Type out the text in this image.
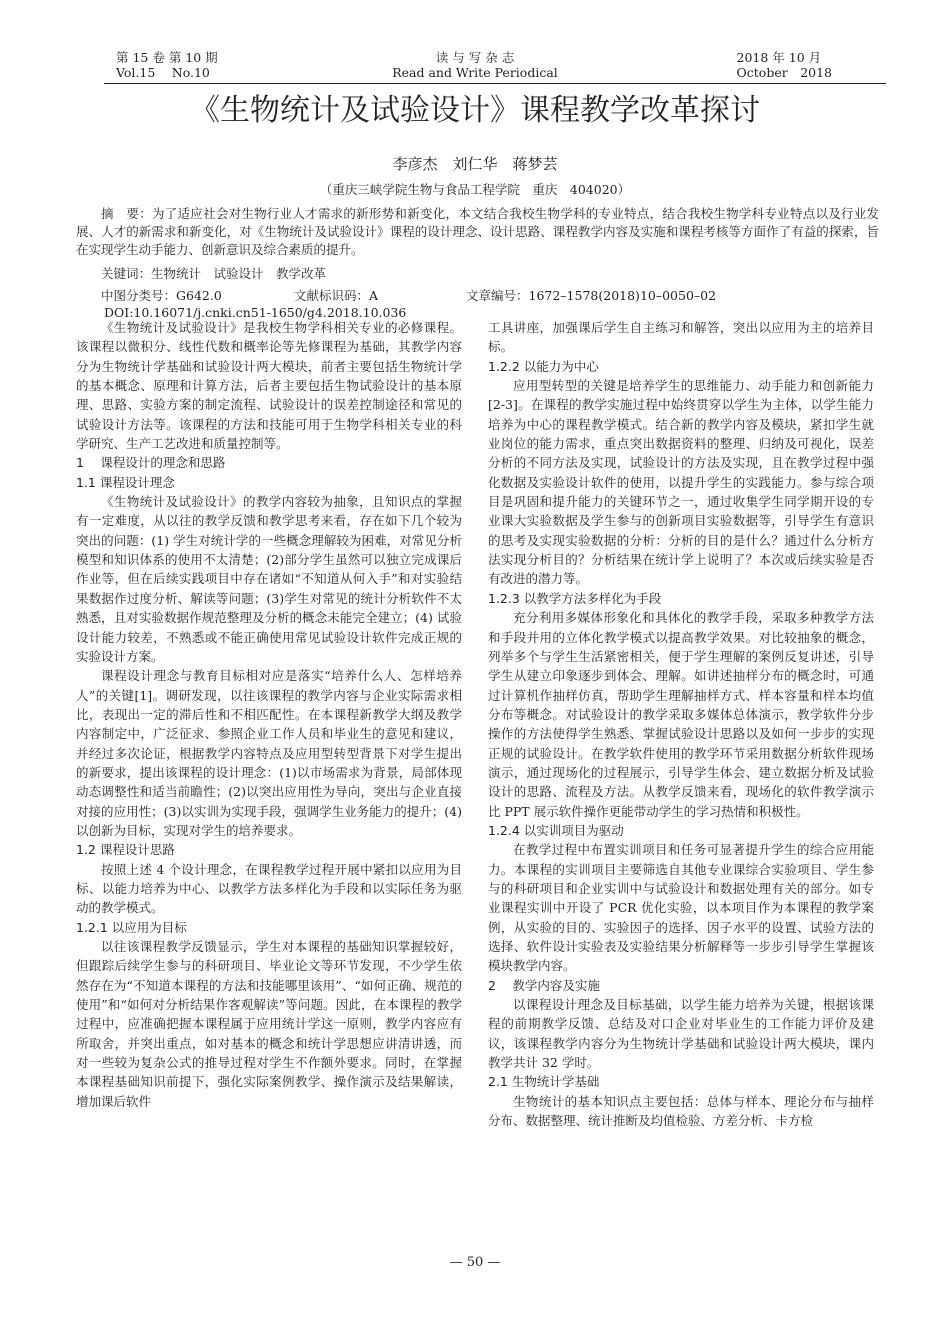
第 15 卷 第 10 期
Vol.15　 No.10
读 与 写 杂 志
Read and Write Periodical
2018 年 10 月
October　2018
《生物统计及试验设计》课程教学改革探讨
李彦杰　刘仁华　蒋梦芸
（重庆三峡学院生物与食品工程学院　重庆　404020）

摘　要：为了适应社会对生物行业人才需求的新形势和新变化，本文结合我校生物学科的专业特点，结合我校生物学科专业特点以及行业发展、人才的新需求和新变化，对《生物统计及试验设计》课程的设计理念、设计思路、课程教学内容及实施和课程考核等方面作了有益的探索，旨在实现学生动手能力、创新意识及综合素质的提升。

关键词：生物统计　试验设计　教学改革
中图分类号：G642.0	文献标识码：A	文章编号：1672–1578(2018)10–0050–02
DOI:10.16071/j.cnki.cn51-1650/g4.2018.10.036

《生物统计及试验设计》是我校生物学科相关专业的必修课程。该课程以微积分、线性代数和概率论等先修课程为基础，其教学内容分为生物统计学基础和试验设计两大模块，前者主要包括生物统计学的基本概念、原理和计算方法，后者主要包括生物试验设计的基本原理、思路、实验方案的制定流程、试验设计的误差控制途径和常见的试验设计方法等。该课程的方法和技能可用于生物学科相关专业的科学研究、生产工艺改进和质量控制等。

1　 课程设计的理念和思路
1.1 课程设计理念

《生物统计及试验设计》的教学内容较为抽象，且知识点的掌握有一定难度，从以往的教学反馈和教学思考来看，存在如下几个较为突出的问题：(1) 学生对统计学的一些概念理解较为困难，对常见分析模型和知识体系的使用不太清楚；(2)部分学生虽然可以独立完成课后作业等，但在后续实践项目中存在诸如“不知道从何入手”和对实验结果数据作过度分析、解读等问题；(3)学生对常见的统计分析软件不太熟悉，且对实验数据作规范整理及分析的概念未能完全建立；(4) 试验设计能力较差，不熟悉或不能正确使用常见试验设计软件完成正规的实验设计方案。

课程设计理念与教育目标相对应是落实“培养什么人、怎样培养人”的关键[1]。调研发现，以往该课程的教学内容与企业实际需求相比，表现出一定的滞后性和不相匹配性。在本课程新教学大纲及教学内容制定中，广泛征求、参照企业工作人员和毕业生的意见和建议，并经过多次论证，根据教学内容特点及应用型转型背景下对学生提出的新要求，提出该课程的设计理念：(1)以市场需求为背景，局部体现动态调整性和适当前瞻性；(2)以突出应用性为导向，突出与企业直接对接的应用性；(3)以实训为实现手段，强调学生业务能力的提升；(4)以创新为目标，实现对学生的培养要求。

1.2 课程设计思路

按照上述 4 个设计理念，在课程教学过程开展中紧扣以应用为目标、以能力培养为中心、以教学方法多样化为手段和以实际任务为驱动的教学模式。

1.2.1 以应用为目标

以往该课程教学反馈显示，学生对本课程的基础知识掌握较好，但跟踪后续学生参与的科研项目、毕业论文等环节发现，不少学生依然存在为“不知道本课程的方法和技能哪里该用”、“如何正确、规范的使用”和“如何对分析结果作客观解读”等问题。因此，在本课程的教学过程中，应准确把握本课程属于应用统计学这一原则，教学内容应有所取舍，并突出重点，如对基本的概念和统计学思想应讲清讲透，而对一些较为复杂公式的推导过程对学生不作额外要求。同时，在掌握本课程基础知识前提下，强化实际案例教学、操作演示及结果解读，增加课后软件

工具讲座，加强课后学生自主练习和解答，突出以应用为主的培养目标。

1.2.2 以能力为中心

应用型转型的关键是培养学生的思维能力、动手能力和创新能力[2-3]。在课程的教学实施过程中始终贯穿以学生为主体，以学生能力培养为中心的课程教学模式。结合新的教学内容及模块，紧扣学生就业岗位的能力需求，重点突出数据资料的整理、归纳及可视化，误差分析的不同方法及实现，试验设计的方法及实现，且在教学过程中强化数据及实验设计软件的使用，以提升学生的实践能力。参与综合项目是巩固和提升能力的关键环节之一，通过收集学生同学期开设的专业课大实验数据及学生参与的创新项目实验数据等，引导学生有意识的思考及实现实验数据的分析：分析的目的是什么？通过什么分析方法实现分析目的？分析结果在统计学上说明了？本次或后续实验是否有改进的潜力等。

1.2.3 以教学方法多样化为手段

充分利用多媒体形象化和具体化的教学手段，采取多种教学方法和手段并用的立体化教学模式以提高教学效果。对比较抽象的概念，列举多个与学生生活紧密相关，便于学生理解的案例反复讲述，引导学生从建立印象逐步到体会、理解。如讲述抽样分布的概念时，可通过计算机作抽样仿真，帮助学生理解抽样方式、样本容量和样本均值分布等概念。对试验设计的教学采取多媒体总体演示，教学软件分步操作的方法使得学生熟悉、掌握试验设计思路以及如何一步步的实现正规的试验设计。在教学软件使用的教学环节采用数据分析软件现场演示，通过现场化的过程展示，引导学生体会、建立数据分析及试验设计的思路、流程及方法。从教学反馈来看，现场化的软件教学演示比 PPT 展示软件操作更能带动学生的学习热情和积极性。

1.2.4 以实训项目为驱动

在教学过程中布置实训项目和任务可显著提升学生的综合应用能力。本课程的实训项目主要筛选自其他专业课综合实验项目、学生参与的科研项目和企业实训中与试验设计和数据处理有关的部分。如专业课程实训中开设了 PCR 优化实验，以本项目作为本课程的教学案例，从实验的目的、实验因子的选择、因子水平的设置、试验方法的选择、软件设计实验表及实验结果分析解释等一步步引导学生掌握该模块教学内容。

2　 教学内容及实施

以课程设计理念及目标基础，以学生能力培养为关键，根据该课程的前期教学反馈、总结及对口企业对毕业生的工作能力评价及建议，该课程教学内容分为生物统计学基础和试验设计两大模块，课内教学共计 32 学时。

2.1 生物统计学基础

生物统计的基本知识点主要包括：总体与样本、理论分布与抽样分布、数据整理、统计推断及均值检验、方差分析、卡方检

— 50 —
